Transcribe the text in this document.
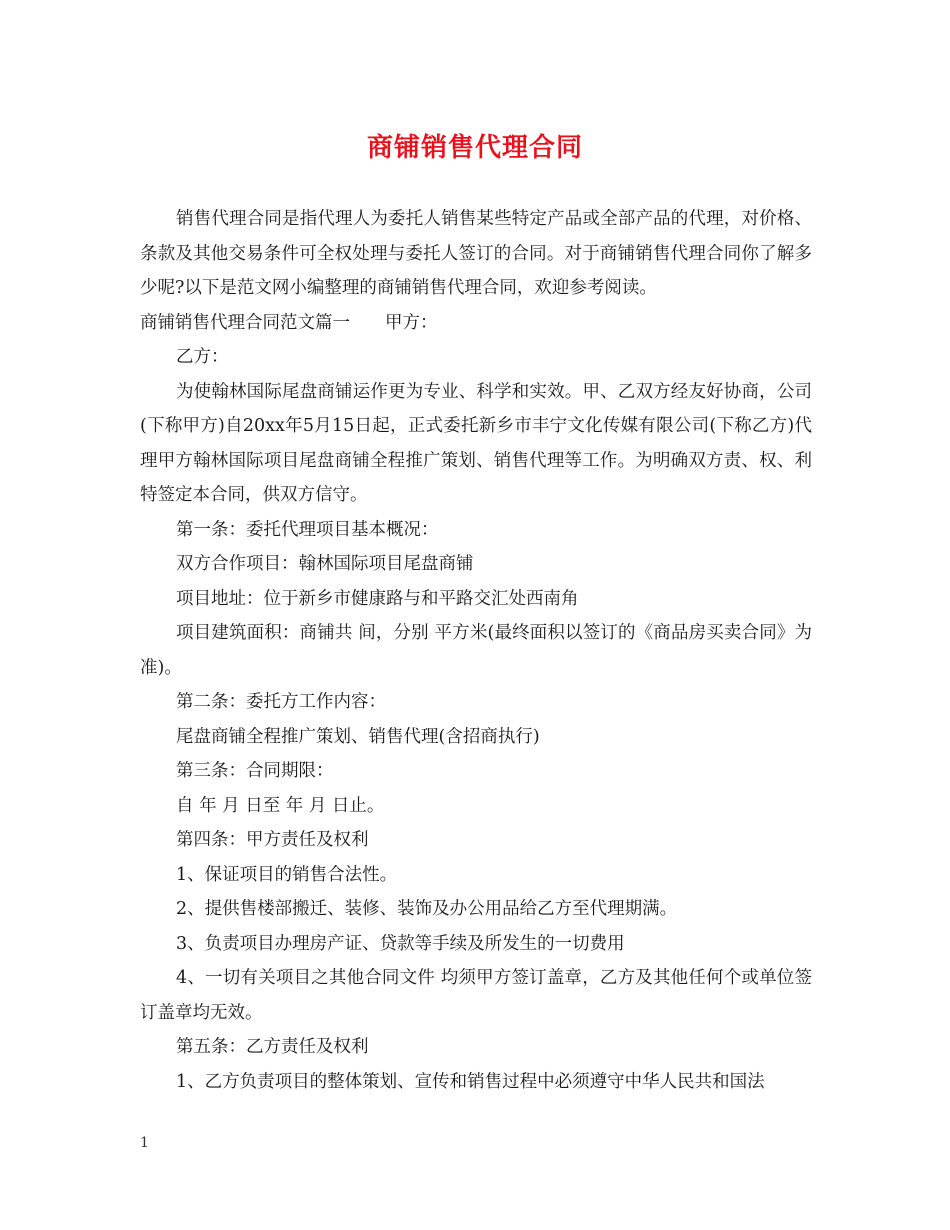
商铺销售代理合同

销售代理合同是指代理人为委托人销售某些特定产品或全部产品的代理，对价格、条款及其他交易条件可全权处理与委托人签订的合同。对于商铺销售代理合同你了解多少呢?以下是范文网小编整理的商铺销售代理合同，欢迎参考阅读。

商铺销售代理合同范文篇一　　甲方：

乙方：

为使翰林国际尾盘商铺运作更为专业、科学和实效。甲、乙双方经友好协商，公司(下称甲方)自20xx年5月15日起，正式委托新乡市丰宁文化传媒有限公司(下称乙方)代理甲方翰林国际项目尾盘商铺全程推广策划、销售代理等工作。为明确双方责、权、利特签定本合同，供双方信守。

第一条：委托代理项目基本概况：

双方合作项目：翰林国际项目尾盘商铺

项目地址：位于新乡市健康路与和平路交汇处西南角

项目建筑面积：商铺共 间，分别 平方米(最终面积以签订的《商品房买卖合同》为准)。

第二条：委托方工作内容：

尾盘商铺全程推广策划、销售代理(含招商执行)

第三条：合同期限：

自 年 月 日至 年 月 日止。

第四条：甲方责任及权利

1、保证项目的销售合法性。

2、提供售楼部搬迁、装修、装饰及办公用品给乙方至代理期满。

3、负责项目办理房产证、贷款等手续及所发生的一切费用

4、一切有关项目之其他合同文件 均须甲方签订盖章，乙方及其他任何个或单位签订盖章均无效。

第五条：乙方责任及权利

1、乙方负责项目的整体策划、宣传和销售过程中必须遵守中华人民共和国法

1
